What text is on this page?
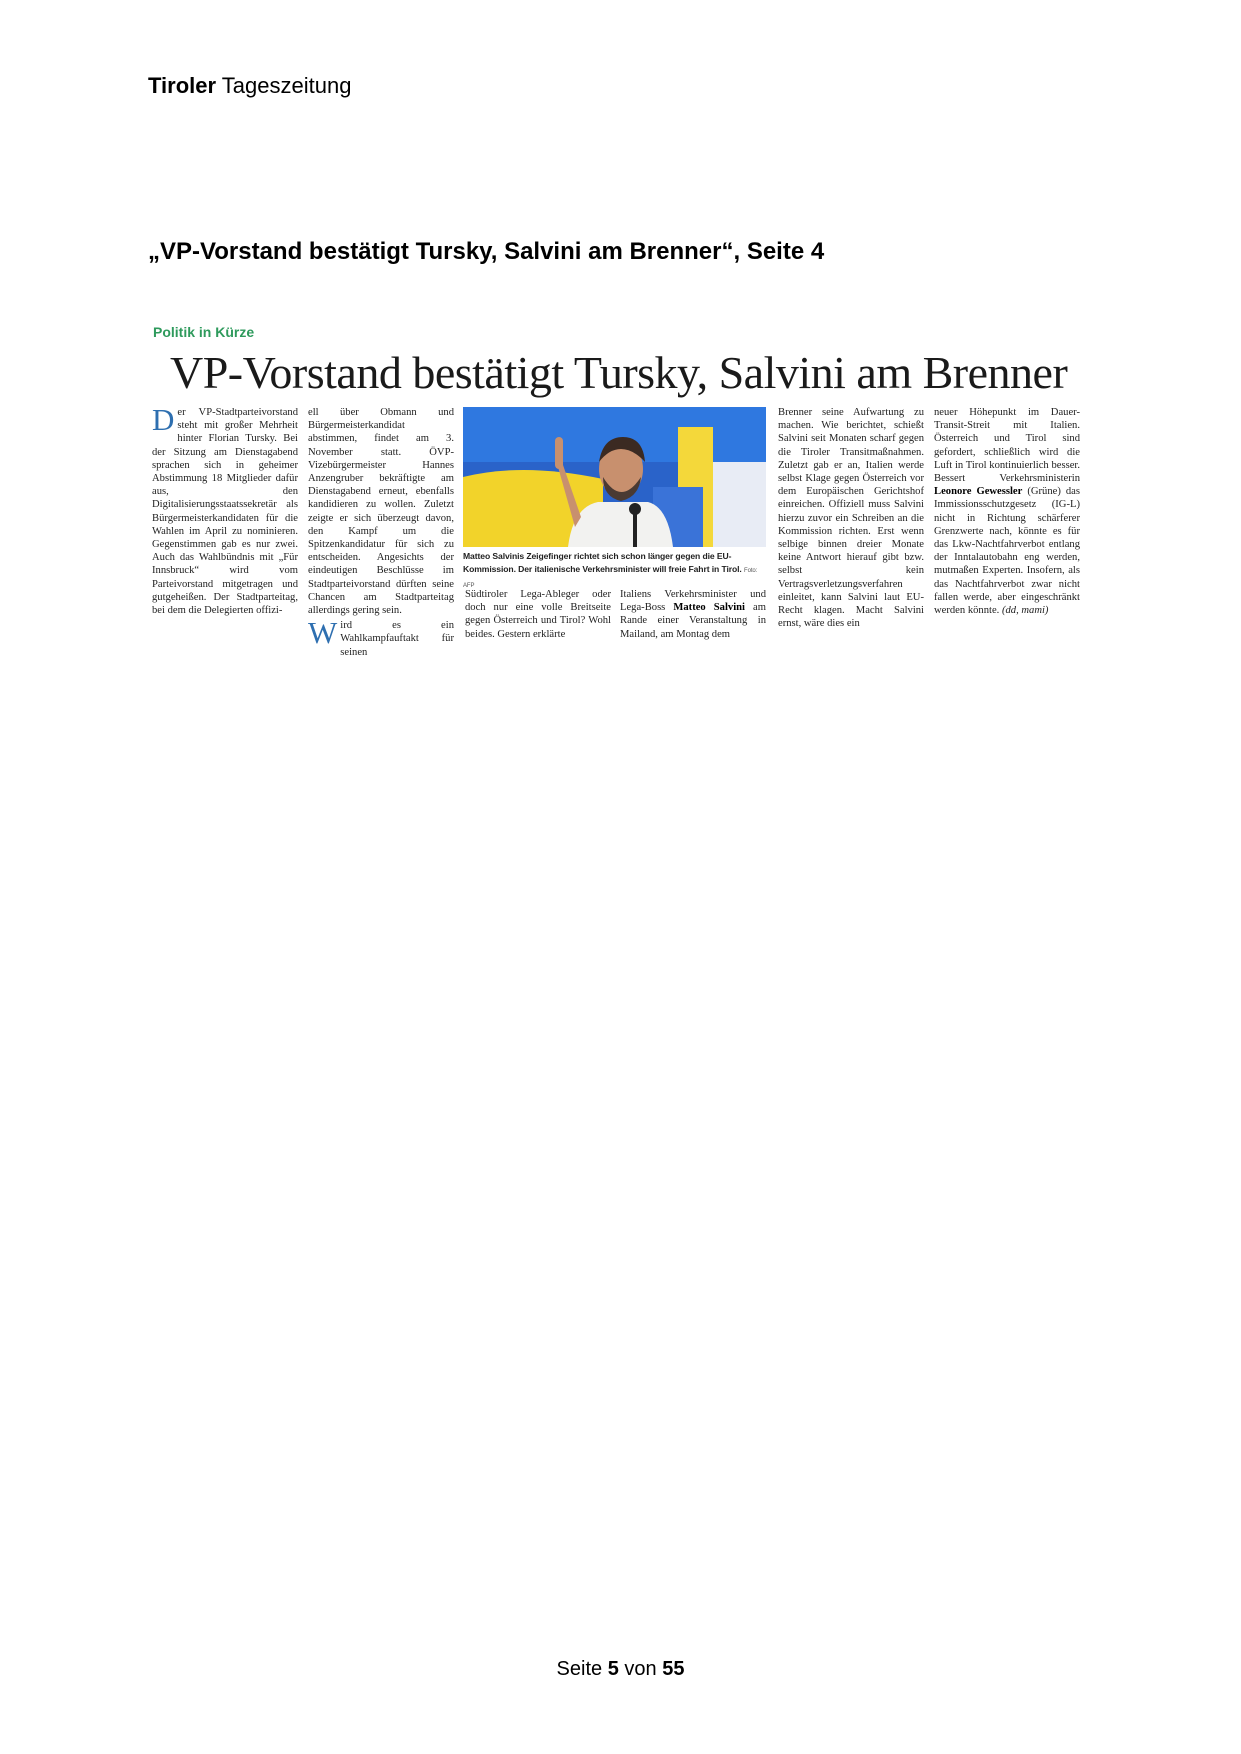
Tiroler Tageszeitung
„VP-Vorstand bestätigt Tursky, Salvini am Brenner“, Seite 4
Politik in Kürze
VP-Vorstand bestätigt Tursky, Salvini am Brenner
D er VP-Stadtparteivorstand steht mit großer Mehrheit hinter Florian Tursky. Bei der Sitzung am Dienstagabend sprachen sich in geheimer Abstimmung 18 Mitglieder dafür aus, den Digitalisierungsstaatssekretär als Bürgermeisterkandidaten für die Wahlen im April zu nominieren. Gegenstimmen gab es nur zwei. Auch das Wahlbündnis mit „Für Innsbruck“ wird vom Parteivorstand mitgetragen und gutgeheißen. Der Stadtparteitag, bei dem die Delegierten offizi-

ell über Obmann und Bürgermeisterkandidat abstimmen, findet am 3. November statt. ÖVP-Vizebürgermeister Hannes Anzengruber bekräftigte am Dienstagabend erneut, ebenfalls kandidieren zu wollen. Zuletzt zeigte er sich überzeugt davon, den Kampf um die Spitzenkandidatur für sich zu entscheiden. Angesichts der eindeutigen Beschlüsse im Stadtparteivorstand dürften seine Chancen am Stadtparteitag allerdings gering sein.

W ird es ein Wahlkampfauftakt für seinen

Matteo Salvinis Zeigefinger richtet sich schon länger gegen die EU-Kommission. Der italienische Verkehrsminister will freie Fahrt in Tirol. Foto: AFP
Südtiroler Lega-Ableger oder doch nur eine volle Breitseite gegen Österreich und Tirol? Wohl beides. Gestern erklärte
Italiens Verkehrsminister und Lega-Boss Matteo Salvini am Rande einer Veranstaltung in Mailand, am Montag dem
Brenner seine Aufwartung zu machen. Wie berichtet, schießt Salvini seit Monaten scharf gegen die Tiroler Transitmaßnahmen. Zuletzt gab er an, Italien werde selbst Klage gegen Österreich vor dem Europäischen Gerichtshof einreichen. Offiziell muss Salvini hierzu zuvor ein Schreiben an die Kommission richten. Erst wenn selbige binnen dreier Monate keine Antwort hierauf gibt bzw. selbst kein Vertragsverletzungsverfahren einleitet, kann Salvini laut EU-Recht klagen. Macht Salvini ernst, wäre dies ein
neuer Höhepunkt im Dauer-Transit-Streit mit Italien. Österreich und Tirol sind gefordert, schließlich wird die Luft in Tirol kontinuierlich besser. Bessert Verkehrsministerin Leonore Gewessler (Grüne) das Immissionsschutzgesetz (IG-L) nicht in Richtung schärferer Grenzwerte nach, könnte es für das Lkw-Nachtfahrverbot entlang der Inntalautobahn eng werden, mutmaßen Experten. Insofern, als das Nachtfahrverbot zwar nicht fallen werde, aber eingeschränkt werden könnte. (dd, mami)
Seite 5 von 55
